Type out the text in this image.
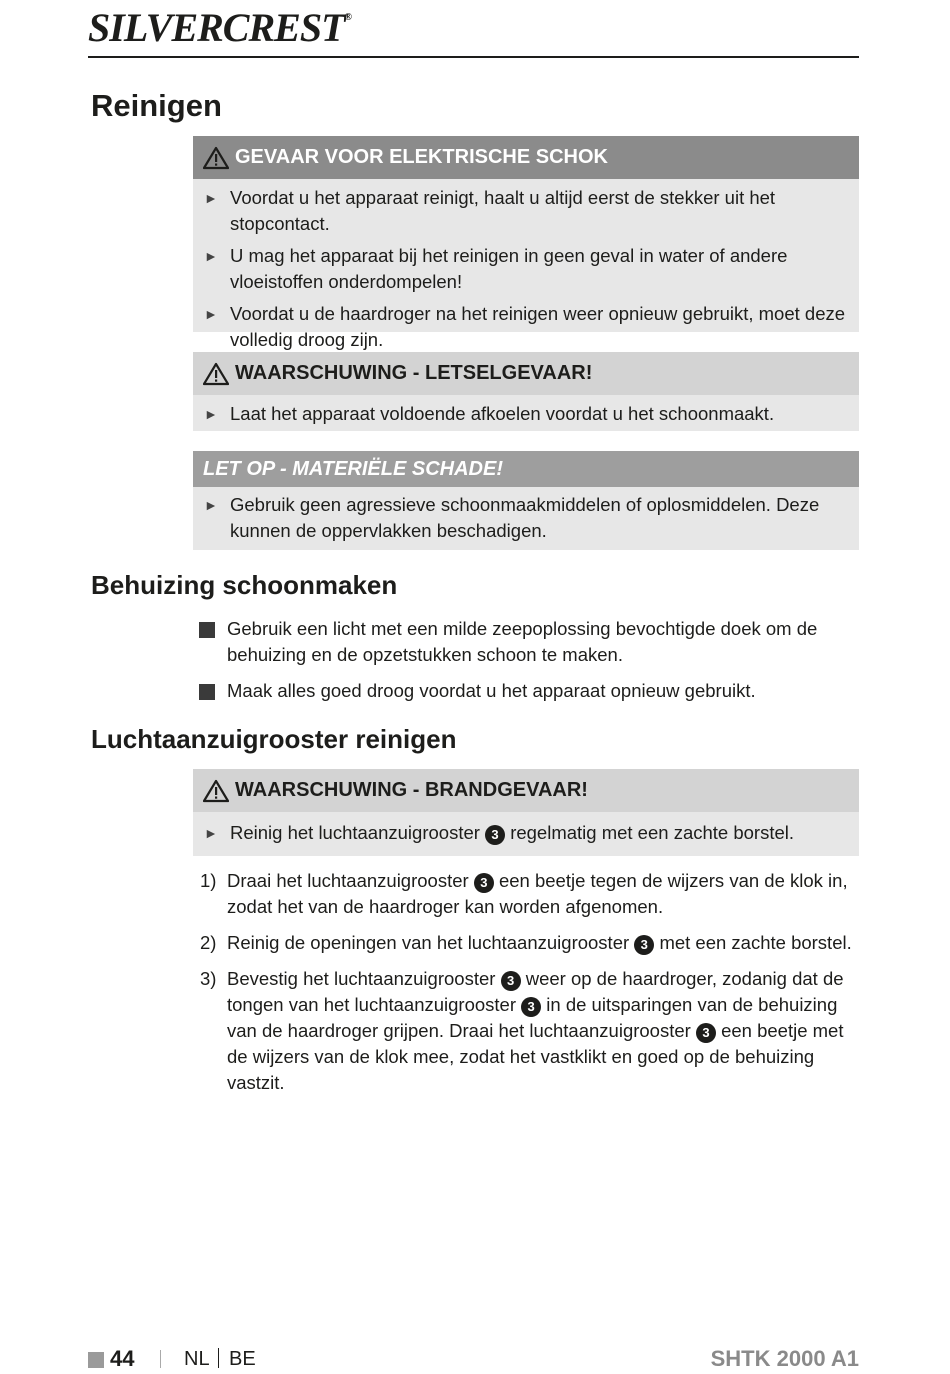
SILVERCREST®
Reinigen
GEVAAR VOOR ELEKTRISCHE SCHOK
► Voordat u het apparaat reinigt, haalt u altijd eerst de stekker uit het stopcontact.
► U mag het apparaat bij het reinigen in geen geval in water of andere vloeistoffen onderdompelen!
► Voordat u de haardroger na het reinigen weer opnieuw gebruikt, moet deze volledig droog zijn.
WAARSCHUWING - LETSELGEVAAR!
► Laat het apparaat voldoende afkoelen voordat u het schoonmaakt.
LET OP - MATERIËLE SCHADE!
► Gebruik geen agressieve schoonmaakmiddelen of oplosmiddelen. Deze kunnen de oppervlakken beschadigen.
Behuizing schoonmaken
Gebruik een licht met een milde zeepoplossing bevochtigde doek om de behuizing en de opzetstukken schoon te maken.
Maak alles goed droog voordat u het apparaat opnieuw gebruikt.
Luchtaanzuigrooster reinigen
WAARSCHUWING - BRANDGEVAAR!
► Reinig het luchtaanzuigrooster 3 regelmatig met een zachte borstel.
1) Draai het luchtaanzuigrooster 3 een beetje tegen de wijzers van de klok in, zodat het van de haardroger kan worden afgenomen.
2) Reinig de openingen van het luchtaanzuigrooster 3 met een zachte borstel.
3) Bevestig het luchtaanzuigrooster 3 weer op de haardroger, zodanig dat de tongen van het luchtaanzuigrooster 3 in de uitsparingen van de behuizing van de haardroger grijpen. Draai het luchtaanzuigrooster 3 een beetje met de wijzers van de klok mee, zodat het vastklikt en goed op de behuizing vastzit.
44 NL BE	SHTK 2000 A1
